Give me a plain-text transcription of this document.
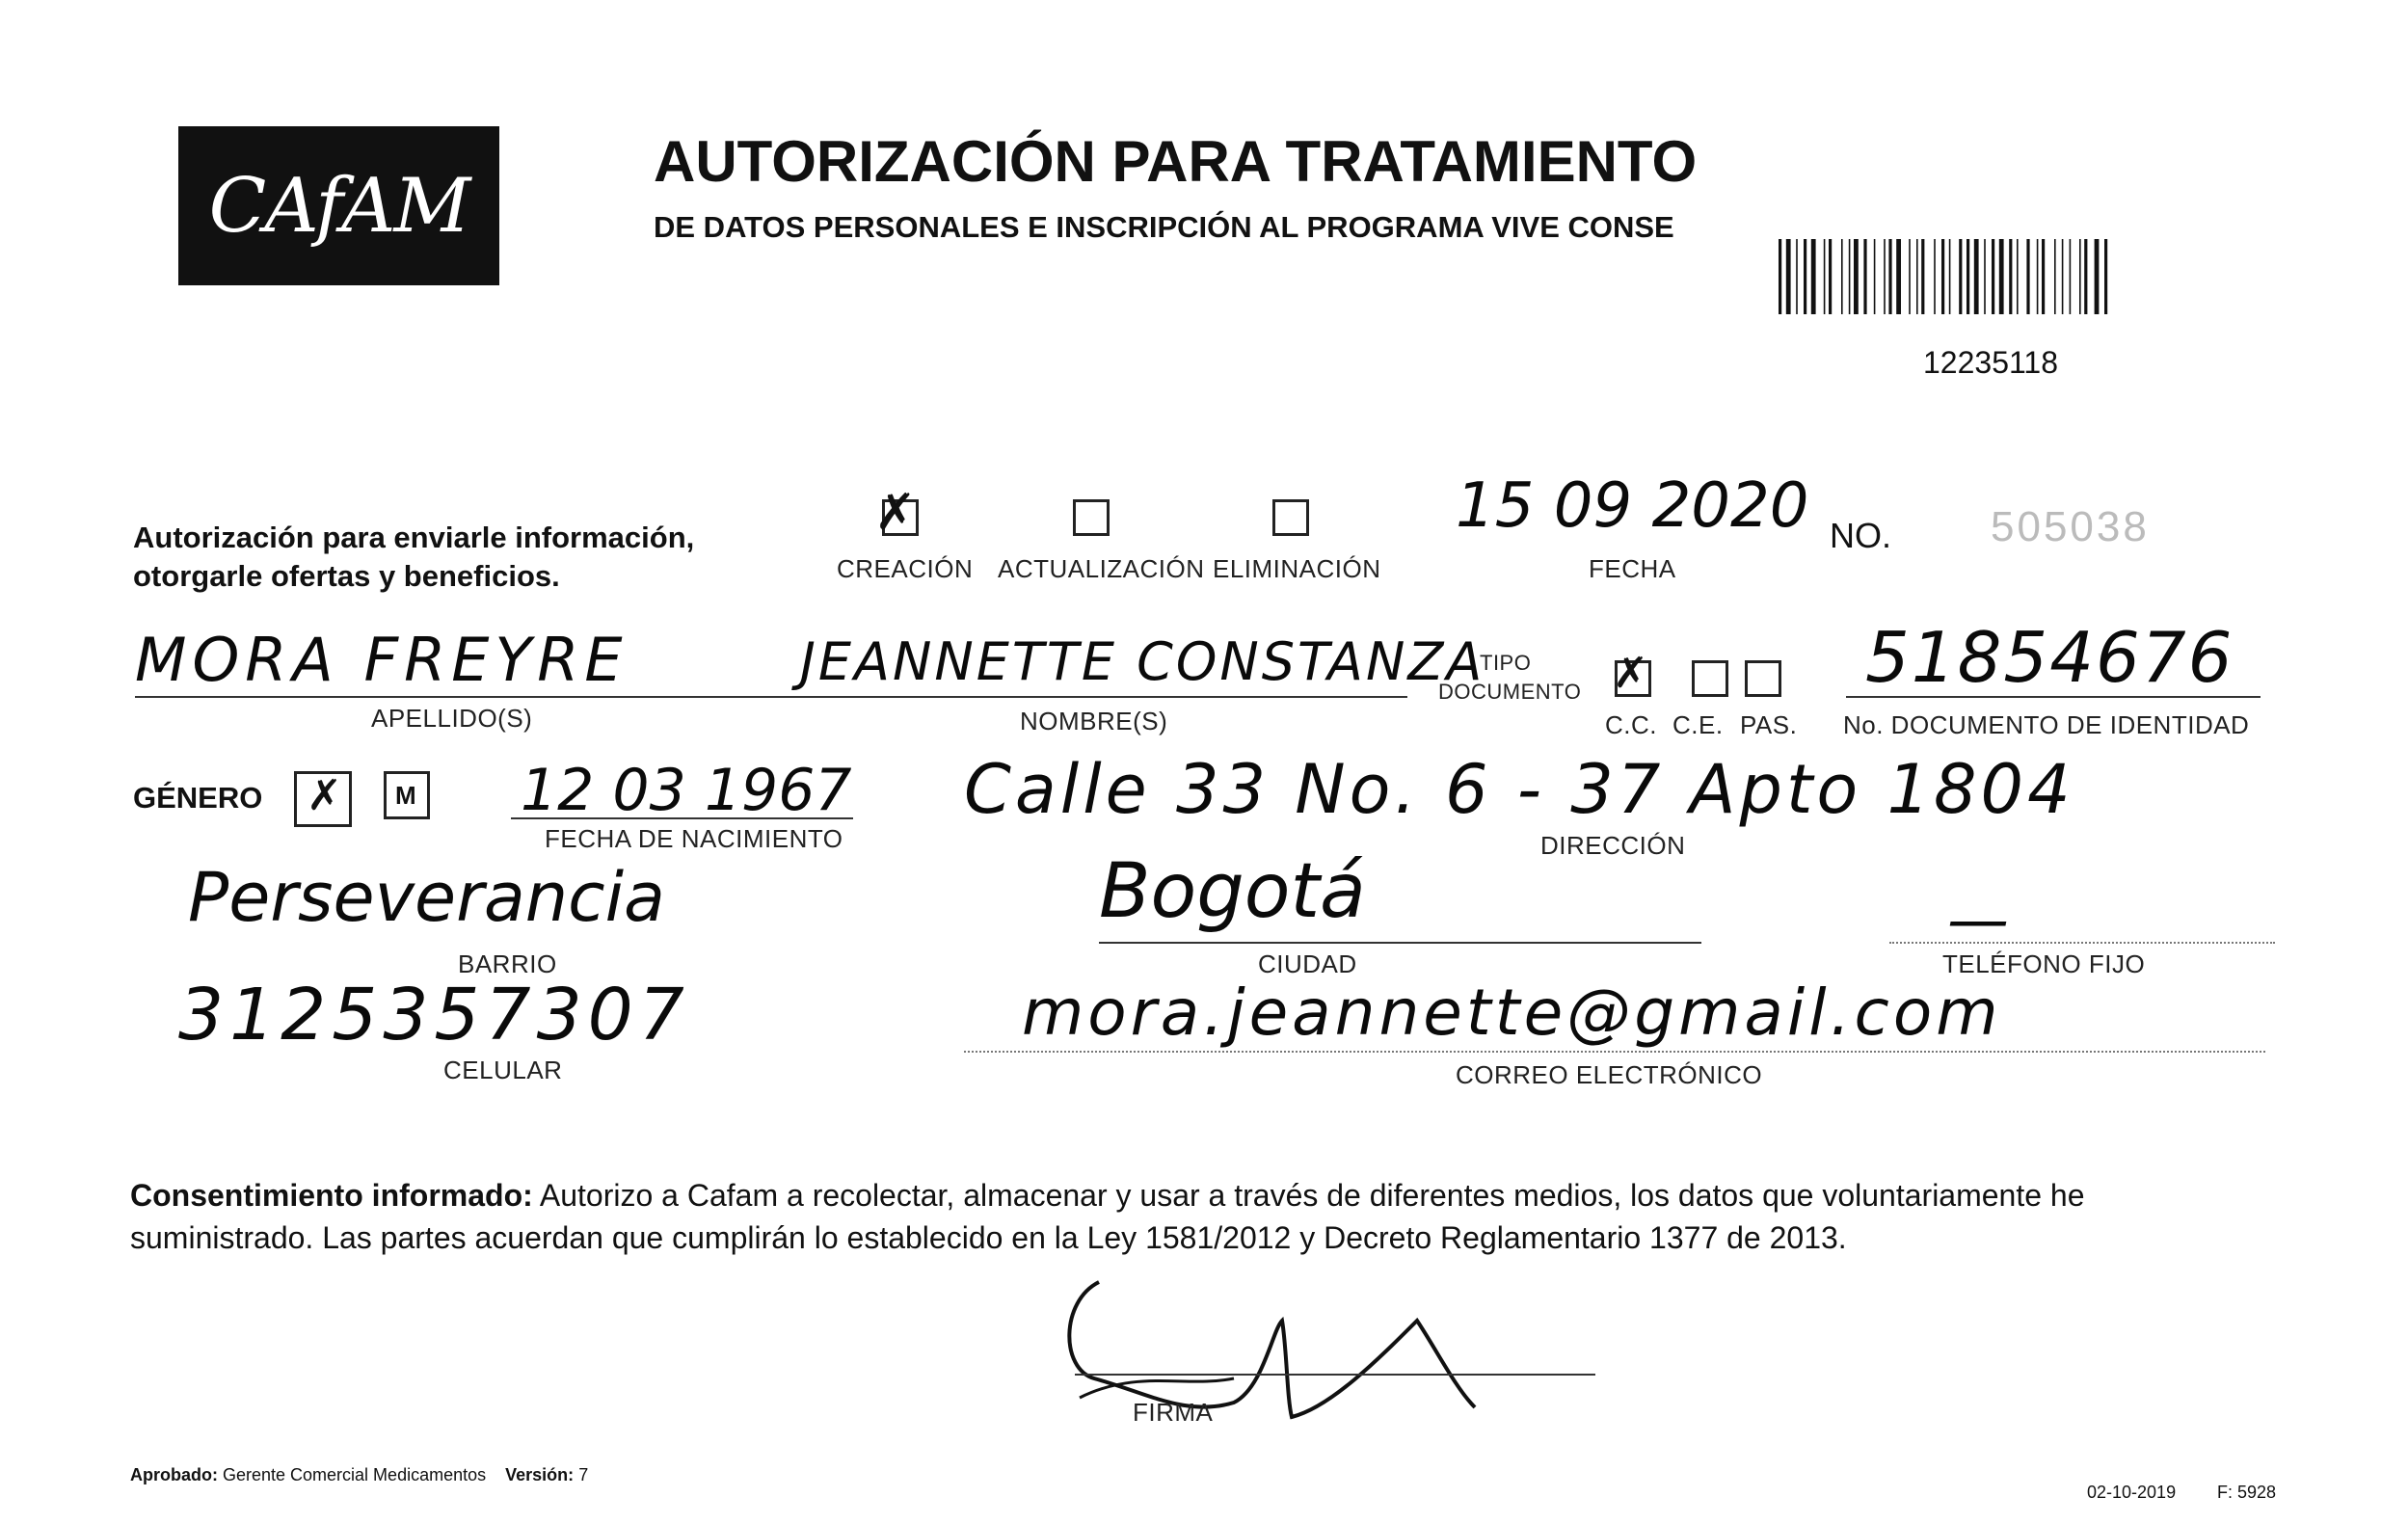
CAfAM
AUTORIZACIÓN PARA TRATAMIENTO
DE DATOS PERSONALES E INSCRIPCIÓN AL PROGRAMA VIVE CONSE
12235118
Autorización para enviarle información,
otorgarle ofertas y beneficios.
✗
CREACIÓN ACTUALIZACIÓN ELIMINACIÓN
15 09 2020
FECHA
NO. 505038
MORA FREYRE
APELLIDO(S)
JEANNETTE CONSTANZA
NOMBRE(S)
TIPO
DOCUMENTO ✗
C.C. C.E. PAS.
51854676
No. DOCUMENTO DE IDENTIDAD
GÉNERO ✗ M 12 03 1967
FECHA DE NACIMIENTO
Calle 33 No. 6 - 37 Apto 1804
DIRECCIÓN
Perseverancia
BARRIO
Bogotá
CIUDAD
—
TELÉFONO FIJO
3125357307
CELULAR
mora.jeannette@gmail.com
CORREO ELECTRÓNICO
Consentimiento informado: Autorizo a Cafam a recolectar, almacenar y usar a través de diferentes medios, los datos que voluntariamente he suministrado. Las partes acuerdan que cumplirán lo establecido en la Ley 1581/2012 y Decreto Reglamentario 1377 de 2013.
FIRMA
Aprobado: Gerente Comercial Medicamentos Versión: 7
02-10-2019 F: 5928
